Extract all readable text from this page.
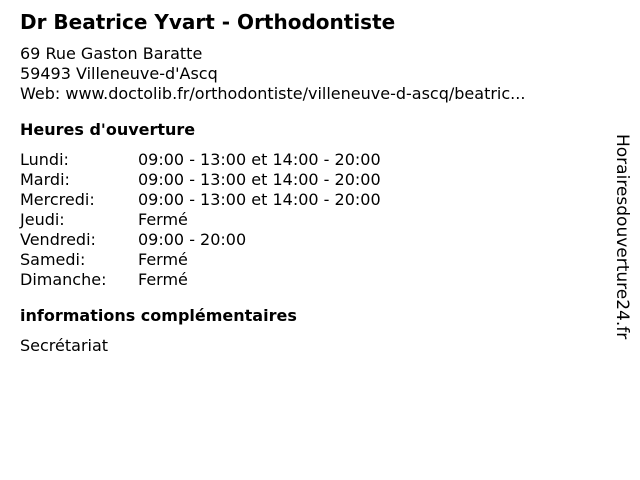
Dr Beatrice Yvart - Orthodontiste
69 Rue Gaston Baratte
59493 Villeneuve-d'Ascq
Web: www.doctolib.fr/orthodontiste/villeneuve-d-ascq/beatric...
Heures d'ouverture
Lundi:	09:00 - 13:00 et 14:00 - 20:00
Mardi:	09:00 - 13:00 et 14:00 - 20:00
Mercredi:	09:00 - 13:00 et 14:00 - 20:00
Jeudi:	Fermé
Vendredi:	09:00 - 20:00
Samedi:	Fermé
Dimanche:	Fermé
informations complémentaires
Secrétariat
Horairesdouverture24.fr
